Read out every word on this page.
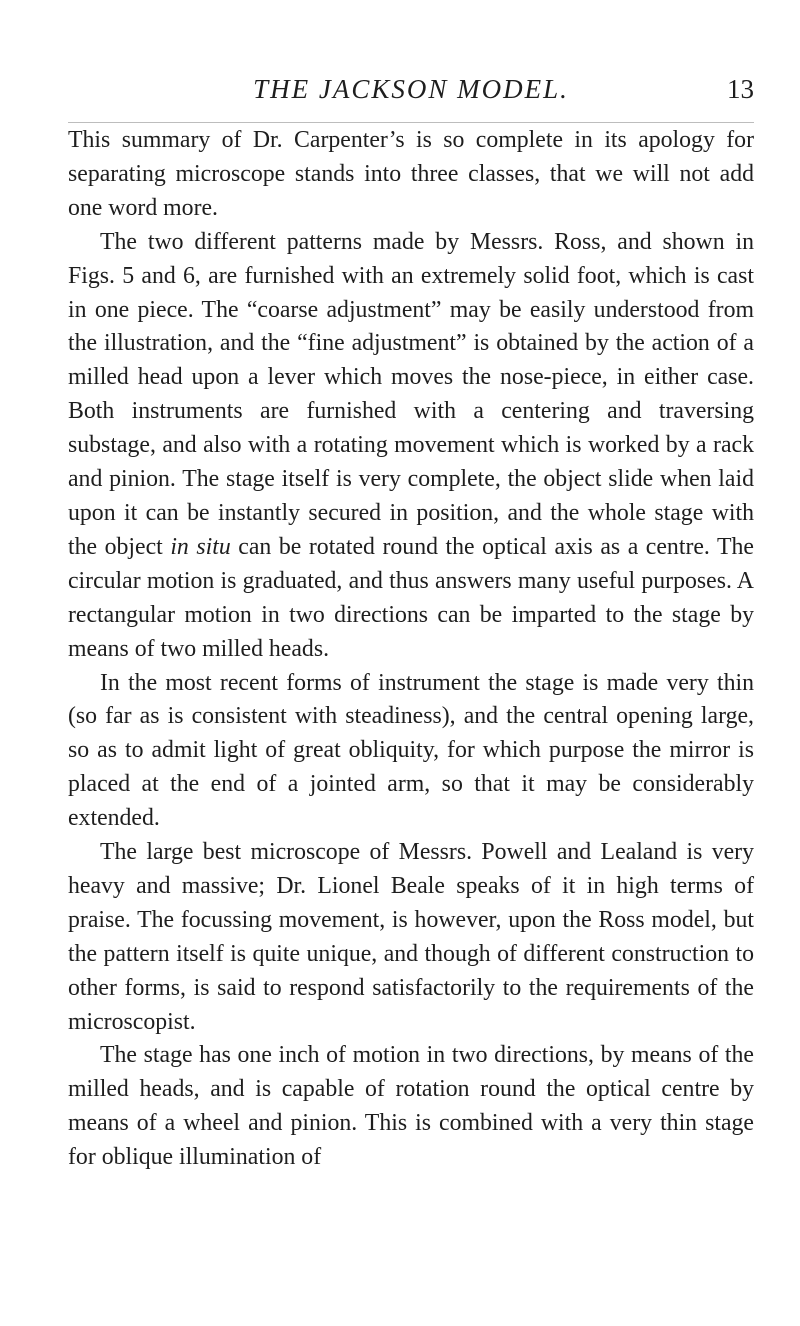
THE JACKSON MODEL.	13

This summary of Dr. Carpenter’s is so complete in its apology for separating microscope stands into three classes, that we will not add one word more.

The two different patterns made by Messrs. Ross, and shown in Figs. 5 and 6, are furnished with an extremely solid foot, which is cast in one piece. The “coarse adjustment” may be easily understood from the illustration, and the “fine adjustment” is obtained by the action of a milled head upon a lever which moves the nose-piece, in either case. Both instruments are furnished with a centering and traversing substage, and also with a rotating movement which is worked by a rack and pinion. The stage itself is very complete, the object slide when laid upon it can be instantly secured in position, and the whole stage with the object in situ can be rotated round the optical axis as a centre. The circular motion is graduated, and thus answers many useful purposes. A rectangular motion in two directions can be imparted to the stage by means of two milled heads.

In the most recent forms of instrument the stage is made very thin (so far as is consistent with steadiness), and the central opening large, so as to admit light of great obliquity, for which purpose the mirror is placed at the end of a jointed arm, so that it may be considerably extended.

The large best microscope of Messrs. Powell and Lealand is very heavy and massive; Dr. Lionel Beale speaks of it in high terms of praise. The focussing movement, is however, upon the Ross model, but the pattern itself is quite unique, and though of different construction to other forms, is said to respond satisfactorily to the requirements of the microscopist.

The stage has one inch of motion in two directions, by means of the milled heads, and is capable of rotation round the optical centre by means of a wheel and pinion. This is combined with a very thin stage for oblique illumination of
